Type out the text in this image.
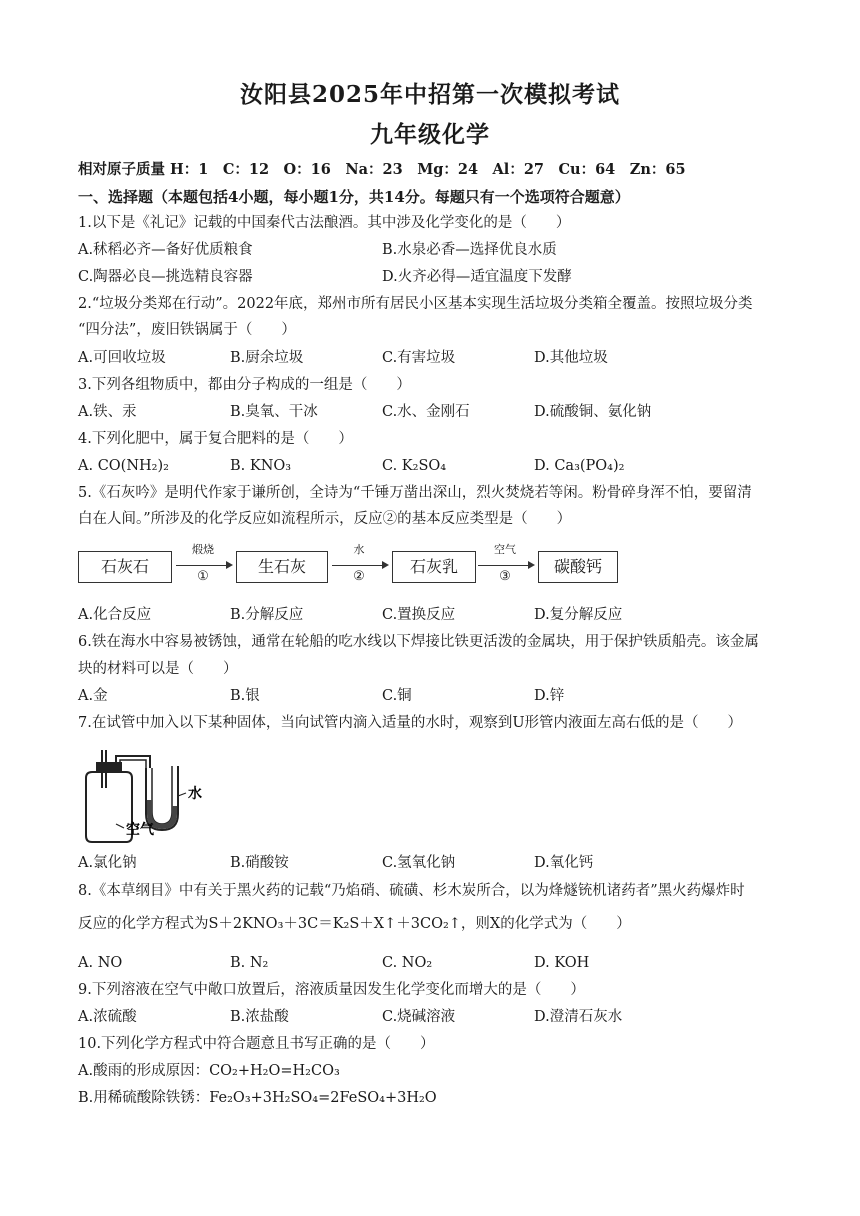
汝阳县2025年中招第一次模拟考试
九年级化学
相对原子质量 H：1　C：12　O：16　Na：23　Mg：24　Al：27　Cu：64　Zn：65
一、选择题（本题包括4小题，每小题1分，共14分。每题只有一个选项符合题意）
1.以下是《礼记》记载的中国秦代古法酿酒。其中涉及化学变化的是（　　）
A.秫稻必齐—备好优质粮食	B.水泉必香—选择优良水质
C.陶器必良—挑选精良容器	D.火齐必得—适宜温度下发酵
2.“垃圾分类郑在行动”。2022年底，郑州市所有居民小区基本实现生活垃圾分类箱全覆盖。按照垃圾分类
“四分法”，废旧铁锅属于（　　）
A.可回收垃圾	B.厨余垃圾	C.有害垃圾	D.其他垃圾
3.下列各组物质中，都由分子构成的一组是（　　）
A.铁、汞	B.臭氧、干冰	C.水、金刚石	D.硫酸铜、氨化钠
4.下列化肥中，属于复合肥料的是（　　）
A. CO(NH₂)₂	B. KNO₃	C. K₂SO₄	D. Ca₃(PO₄)₂
5.《石灰吟》是明代作家于谦所创，全诗为“千锤万凿出深山，烈火焚烧若等闲。粉骨碎身浑不怕，要留清
白在人间。”所涉及的化学反应如流程所示，反应②的基本反应类型是（　　）
石灰石
煅烧
①
生石灰
水
②
石灰乳
空气
③
碳酸钙
A.化合反应	B.分解反应	C.置换反应	D.复分解反应
6.铁在海水中容易被锈蚀，通常在轮船的吃水线以下焊接比铁更活泼的金属块，用于保护铁质船壳。该金属
块的材料可以是（　　）
A.金	B.银	C.铜	D.锌
7.在试管中加入以下某种固体，当向试管内滴入适量的水时，观察到U形管内液面左高右低的是（　　）
水
空气
A.氯化钠	B.硝酸铵	C.氢氧化钠	D.氧化钙
8.《本草纲目》中有关于黑火药的记载“乃焰硝、硫磺、杉木炭所合，以为烽燧铳机诸药者”黑火药爆炸时
反应的化学方程式为S＋2KNO₃＋3C＝K₂S＋X↑＋3CO₂↑，则X的化学式为（　　）
A. NO	B. N₂	C. NO₂	D. KOH
9.下列溶液在空气中敞口放置后，溶液质量因发生化学变化而增大的是（　　）
A.浓硫酸	B.浓盐酸	C.烧碱溶液	D.澄清石灰水
10.下列化学方程式中符合题意且书写正确的是（　　）
A.酸雨的形成原因：CO₂+H₂O=H₂CO₃
B.用稀硫酸除铁锈：Fe₂O₃+3H₂SO₄=2FeSO₄+3H₂O
